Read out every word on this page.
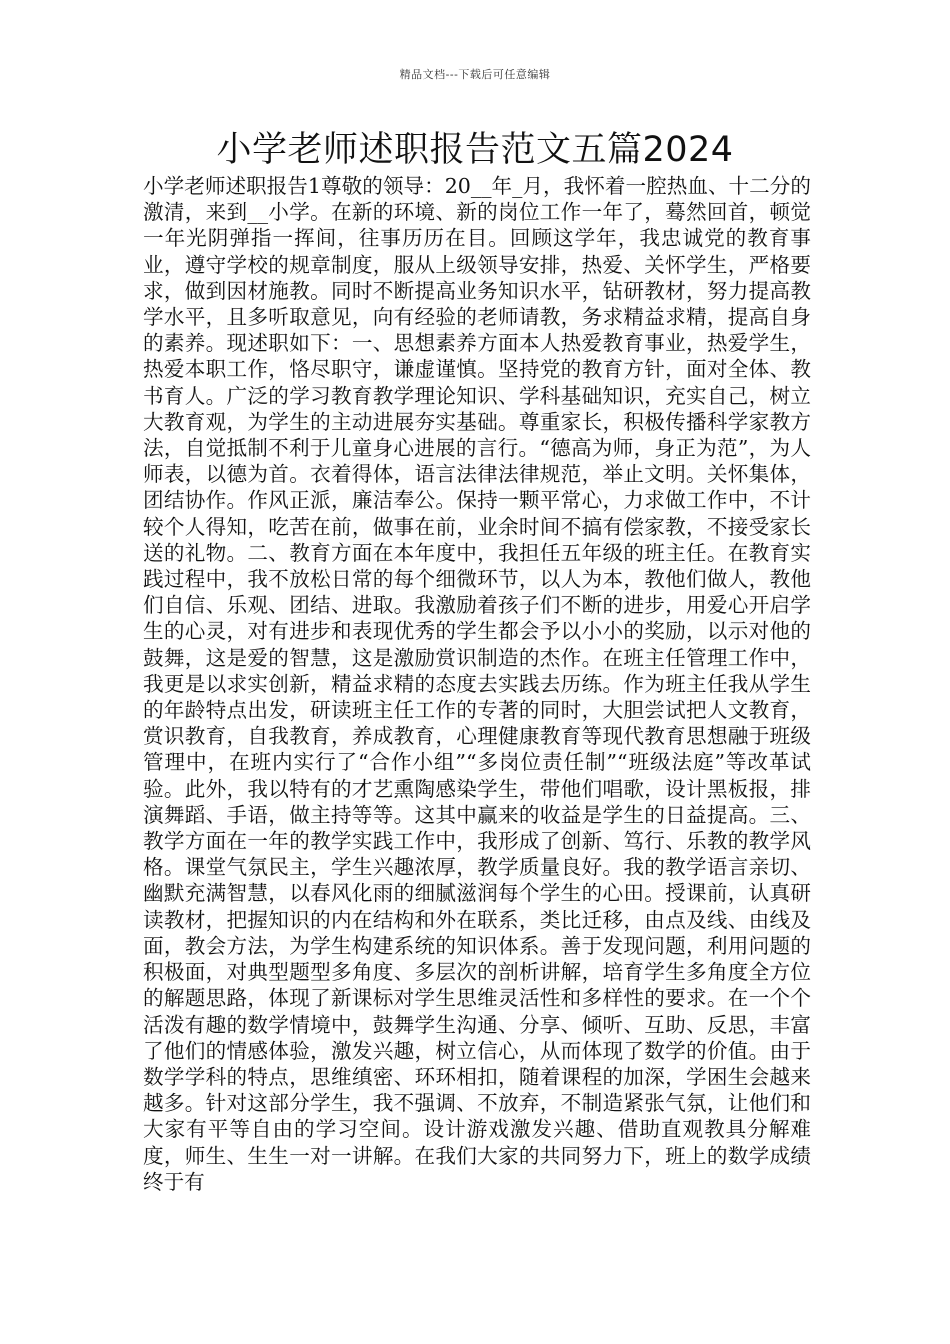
精品文档---下载后可任意编辑
小学老师述职报告范文五篇2024

小学老师述职报告1尊敬的领导：20__年_月，我怀着一腔热血、十二分的激清，来到__小学。在新的环境、新的岗位工作一年了，蓦然回首，顿觉一年光阴弹指一挥间，往事历历在目。回顾这学年，我忠诚党的教育事业，遵守学校的规章制度，服从上级领导安排，热爱、关怀学生，严格要求，做到因材施教。同时不断提高业务知识水平，钻研教材，努力提高教学水平，且多听取意见，向有经验的老师请教，务求精益求精，提高自身的素养。现述职如下：一、思想素养方面本人热爱教育事业，热爱学生，热爱本职工作，恪尽职守，谦虚谨慎。坚持党的教育方针，面对全体、教书育人。广泛的学习教育教学理论知识、学科基础知识，充实自己，树立大教育观，为学生的主动进展夯实基础。尊重家长，积极传播科学家教方法，自觉抵制不利于儿童身心进展的言行。“德高为师，身正为范”，为人师表，以德为首。衣着得体，语言法律法律规范，举止文明。关怀集体，团结协作。作风正派，廉洁奉公。保持一颗平常心，力求做工作中，不计较个人得知，吃苦在前，做事在前，业余时间不搞有偿家教，不接受家长送的礼物。二、教育方面在本年度中，我担任五年级的班主任。在教育实践过程中，我不放松日常的每个细微环节，以人为本，教他们做人，教他们自信、乐观、团结、进取。我激励着孩子们不断的进步，用爱心开启学生的心灵，对有进步和表现优秀的学生都会予以小小的奖励，以示对他的鼓舞，这是爱的智慧，这是激励赏识制造的杰作。在班主任管理工作中，我更是以求实创新，精益求精的态度去实践去历练。作为班主任我从学生的年龄特点出发，研读班主任工作的专著的同时，大胆尝试把人文教育，赏识教育，自我教育，养成教育，心理健康教育等现代教育思想融于班级管理中，在班内实行了“合作小组”“多岗位责任制”“班级法庭”等改革试验。此外，我以特有的才艺熏陶感染学生，带他们唱歌，设计黑板报，排演舞蹈、手语，做主持等等。这其中赢来的收益是学生的日益提高。三、教学方面在一年的教学实践工作中，我形成了创新、笃行、乐教的教学风格。课堂气氛民主，学生兴趣浓厚，教学质量良好。我的教学语言亲切、幽默充满智慧，以春风化雨的细腻滋润每个学生的心田。授课前，认真研读教材，把握知识的内在结构和外在联系，类比迁移，由点及线、由线及面，教会方法，为学生构建系统的知识体系。善于发现问题，利用问题的积极面，对典型题型多角度、多层次的剖析讲解，培育学生多角度全方位的解题思路，体现了新课标对学生思维灵活性和多样性的要求。在一个个活泼有趣的数学情境中，鼓舞学生沟通、分享、倾听、互助、反思，丰富了他们的情感体验，激发兴趣，树立信心，从而体现了数学的价值。由于数学学科的特点，思维缜密、环环相扣，随着课程的加深，学困生会越来越多。针对这部分学生，我不强调、不放弃，不制造紧张气氛，让他们和大家有平等自由的学习空间。设计游戏激发兴趣、借助直观教具分解难度，师生、生生一对一讲解。在我们大家的共同努力下，班上的数学成绩终于有
